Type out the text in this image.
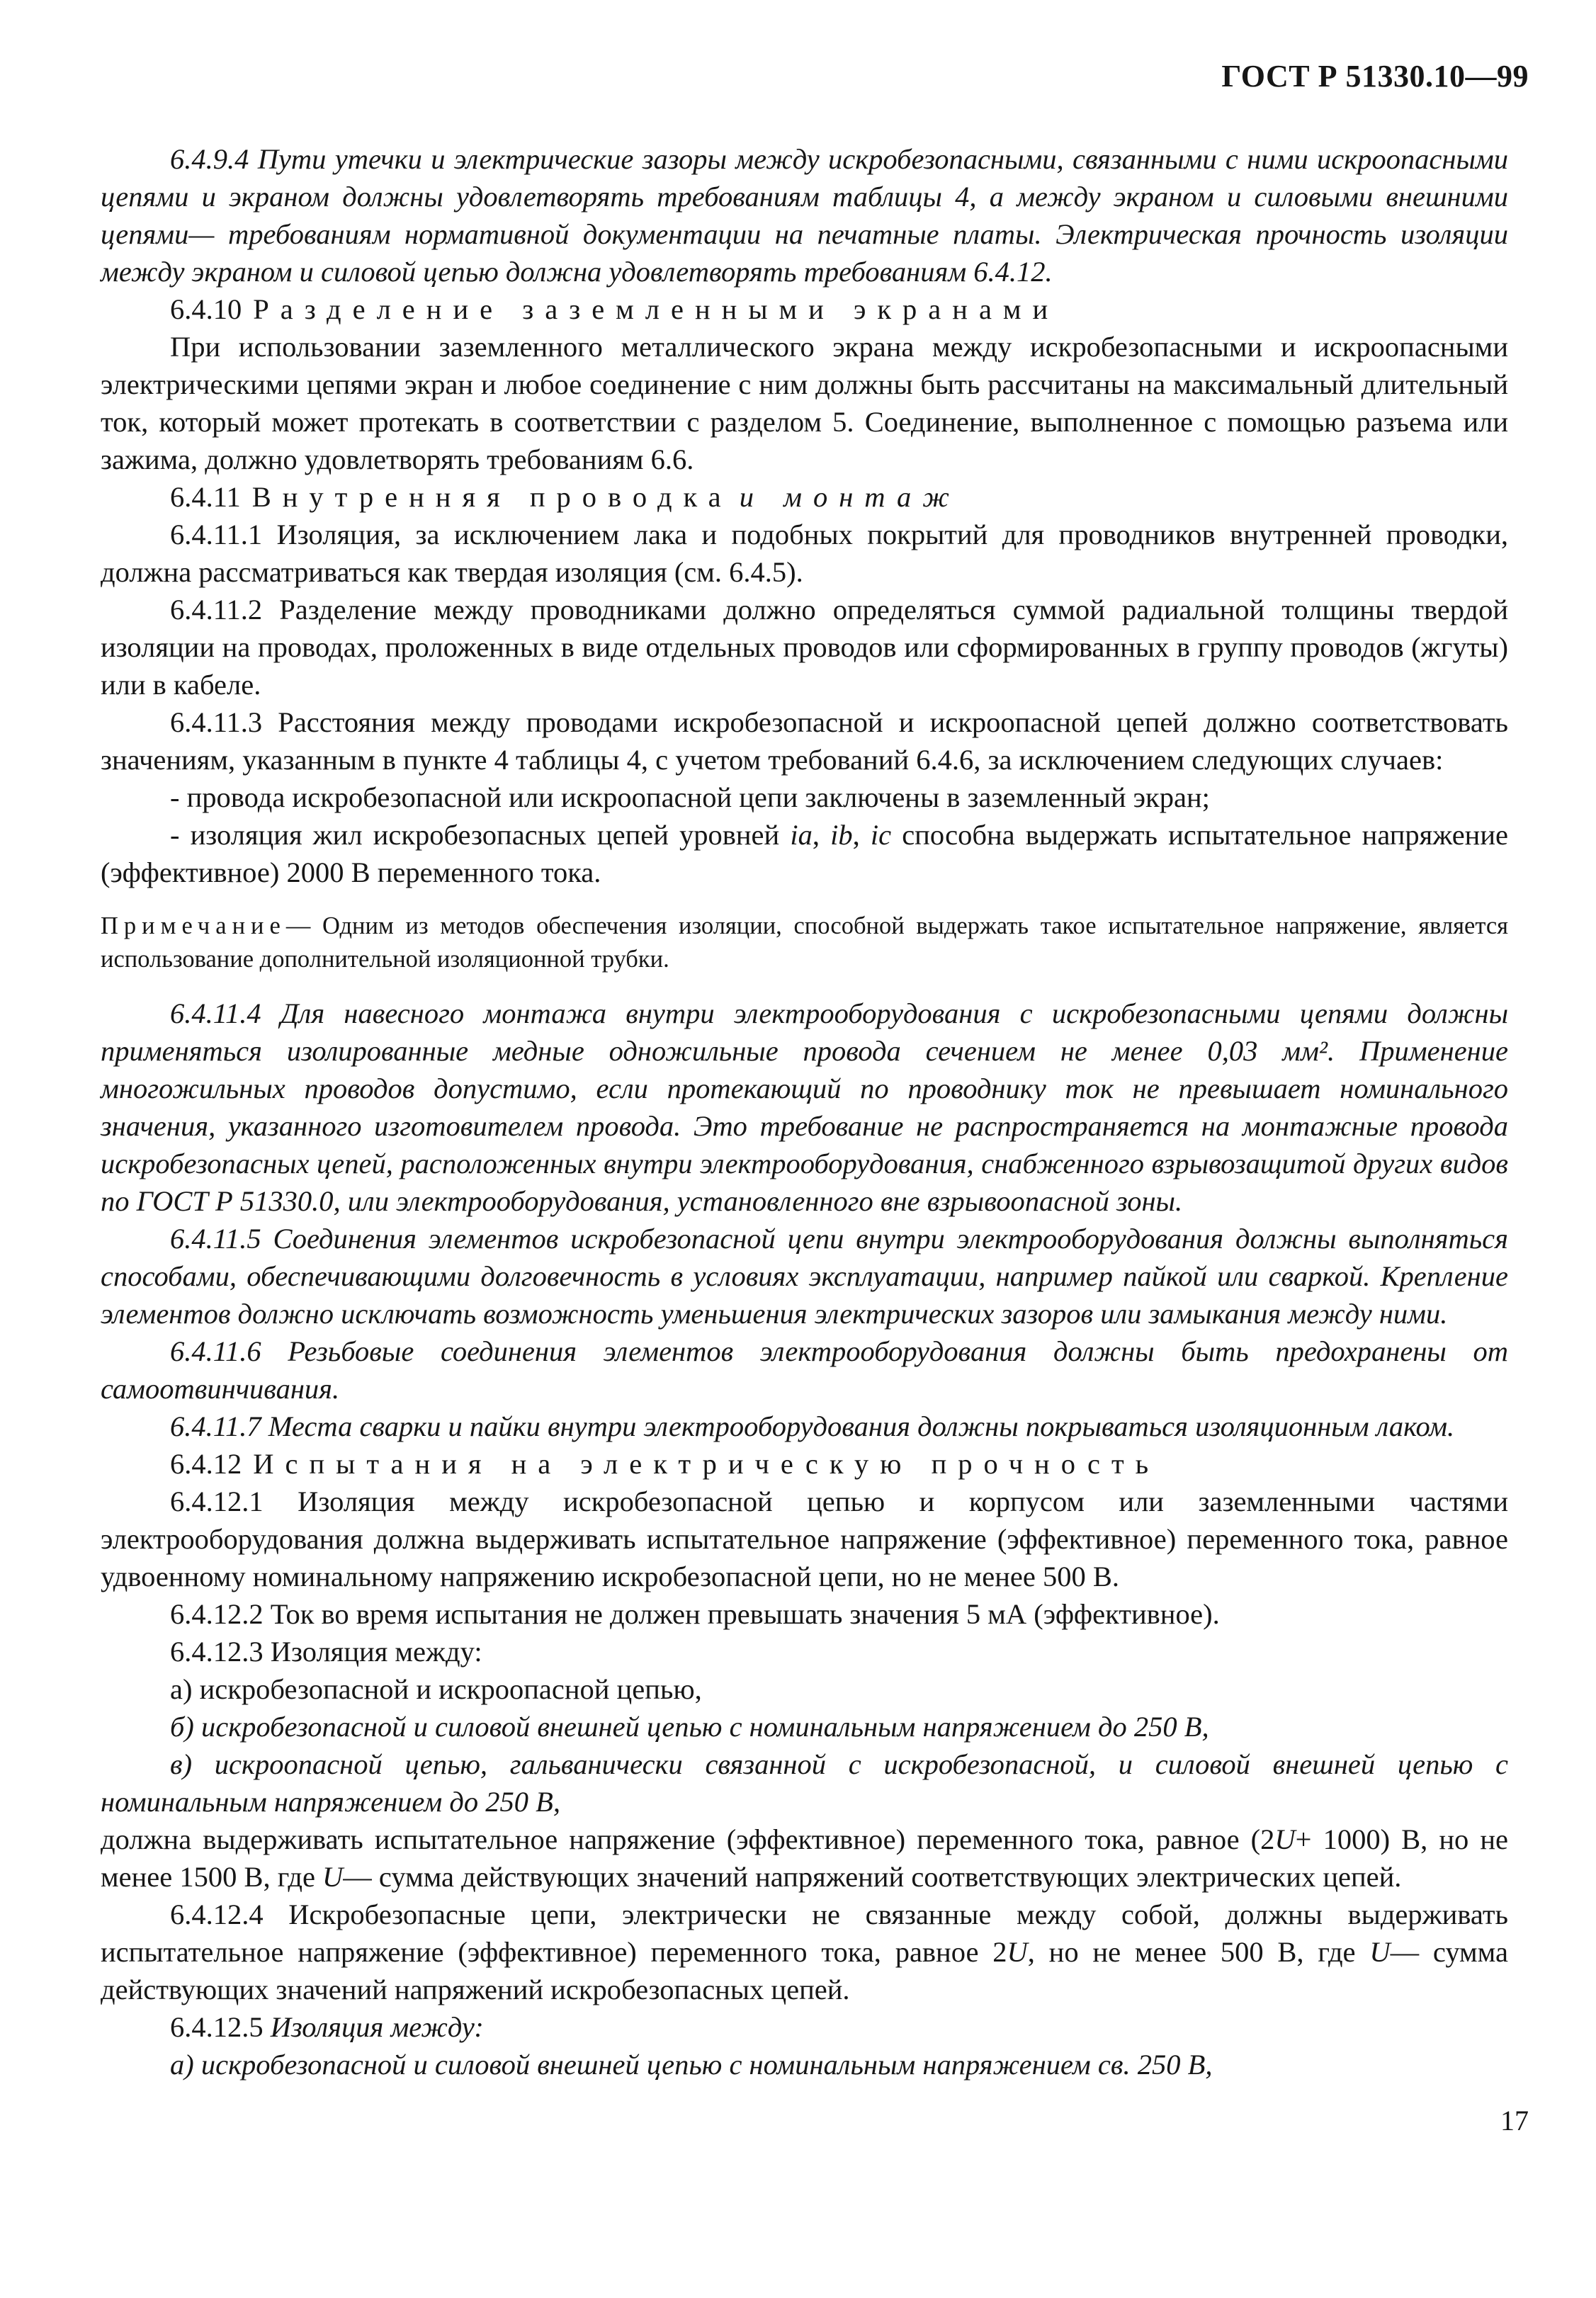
ГОСТ Р 51330.10—99

6.4.9.4 Пути утечки и электрические зазоры между искробезопасными, связанными с ними искроопасными цепями и экраном должны удовлетворять требованиям таблицы 4, а между экраном и силовыми внешними цепями— требованиям нормативной документации на печатные платы. Электрическая прочность изоляции между экраном и силовой цепью должна удовлетворять требованиям 6.4.12.

6.4.10 Разделение заземленными экранами

При использовании заземленного металлического экрана между искробезопасными и искроопасными электрическими цепями экран и любое соединение с ним должны быть рассчитаны на максимальный длительный ток, который может протекать в соответствии с разделом 5. Соединение, выполненное с помощью разъема или зажима, должно удовлетворять требованиям 6.6.

6.4.11 Внутренняя проводка и монтаж

6.4.11.1 Изоляция, за исключением лака и подобных покрытий для проводников внутренней проводки, должна рассматриваться как твердая изоляция (см. 6.4.5).

6.4.11.2 Разделение между проводниками должно определяться суммой радиальной толщины твердой изоляции на проводах, проложенных в виде отдельных проводов или сформированных в группу проводов (жгуты) или в кабеле.

6.4.11.3 Расстояния между проводами искробезопасной и искроопасной цепей должно соответствовать значениям, указанным в пункте 4 таблицы 4, с учетом требований 6.4.6, за исключением следующих случаев:

- провода искробезопасной или искроопасной цепи заключены в заземленный экран;

- изоляция жил искробезопасных цепей уровней ia, ib, ic способна выдержать испытательное напряжение (эффективное) 2000 В переменного тока.

Примечание— Одним из методов обеспечения изоляции, способной выдержать такое испытательное напряжение, является использование дополнительной изоляционной трубки.

6.4.11.4 Для навесного монтажа внутри электрооборудования с искробезопасными цепями должны применяться изолированные медные одножильные провода сечением не менее 0,03 мм². Применение многожильных проводов допустимо, если протекающий по проводнику ток не превышает номинального значения, указанного изготовителем провода. Это требование не распространяется на монтажные провода искробезопасных цепей, расположенных внутри электрооборудования, снабженного взрывозащитой других видов по ГОСТ Р 51330.0, или электрооборудования, установленного вне взрывоопасной зоны.

6.4.11.5 Соединения элементов искробезопасной цепи внутри электрооборудования должны выполняться способами, обеспечивающими долговечность в условиях эксплуатации, например пайкой или сваркой. Крепление элементов должно исключать возможность уменьшения электрических зазоров или замыкания между ними.

6.4.11.6 Резьбовые соединения элементов электрооборудования должны быть предохранены от самоотвинчивания.

6.4.11.7 Места сварки и пайки внутри электрооборудования должны покрываться изоляционным лаком.

6.4.12 Испытания на электрическую прочность

6.4.12.1 Изоляция между искробезопасной цепью и корпусом или заземленными частями электрооборудования должна выдерживать испытательное напряжение (эффективное) переменного тока, равное удвоенному номинальному напряжению искробезопасной цепи, но не менее 500 В.

6.4.12.2 Ток во время испытания не должен превышать значения 5 мА (эффективное).

6.4.12.3 Изоляция между:

а) искробезопасной и искроопасной цепью,

б) искробезопасной и силовой внешней цепью с номинальным напряжением до 250 В,

в) искроопасной цепью, гальванически связанной с искробезопасной, и силовой внешней цепью с номинальным напряжением до 250 В,

должна выдерживать испытательное напряжение (эффективное) переменного тока, равное (2U+ 1000) В, но не менее 1500 В, где U— сумма действующих значений напряжений соответствующих электрических цепей.

6.4.12.4 Искробезопасные цепи, электрически не связанные между собой, должны выдерживать испытательное напряжение (эффективное) переменного тока, равное 2U, но не менее 500 В, где U— сумма действующих значений напряжений искробезопасных цепей.

6.4.12.5 Изоляция между:

а) искробезопасной и силовой внешней цепью с номинальным напряжением св. 250 В,

17
